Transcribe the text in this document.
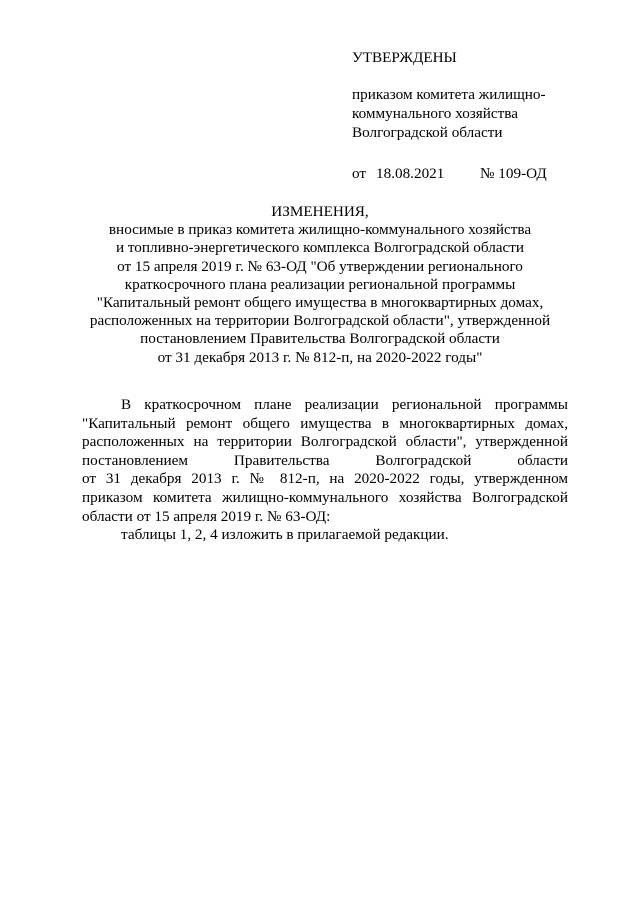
УТВЕРЖДЕНЫ
приказом комитета жилищно-
коммунального хозяйства
Волгоградской области
от 18.08.2021 № 109-ОД
ИЗМЕНЕНИЯ,
вносимые в приказ комитета жилищно-коммунального хозяйства
и топливно-энергетического комплекса Волгоградской области
от 15 апреля 2019 г. № 63-ОД "Об утверждении регионального
краткосрочного плана реализации региональной программы
"Капитальный ремонт общего имущества в многоквартирных домах,
расположенных на территории Волгоградской области", утвержденной
постановлением Правительства Волгоградской области
от 31 декабря 2013 г. № 812-п, на 2020-2022 годы"
В краткосрочном плане реализации региональной программы
"Капитальный ремонт общего имущества в многоквартирных домах,
расположенных на территории Волгоградской области", утвержденной
постановлением Правительства Волгоградской области
от 31 декабря 2013 г. № 812-п, на 2020-2022 годы, утвержденном
приказом комитета жилищно-коммунального хозяйства Волгоградской
области от 15 апреля 2019 г. № 63-ОД:
таблицы 1, 2, 4 изложить в прилагаемой редакции.
